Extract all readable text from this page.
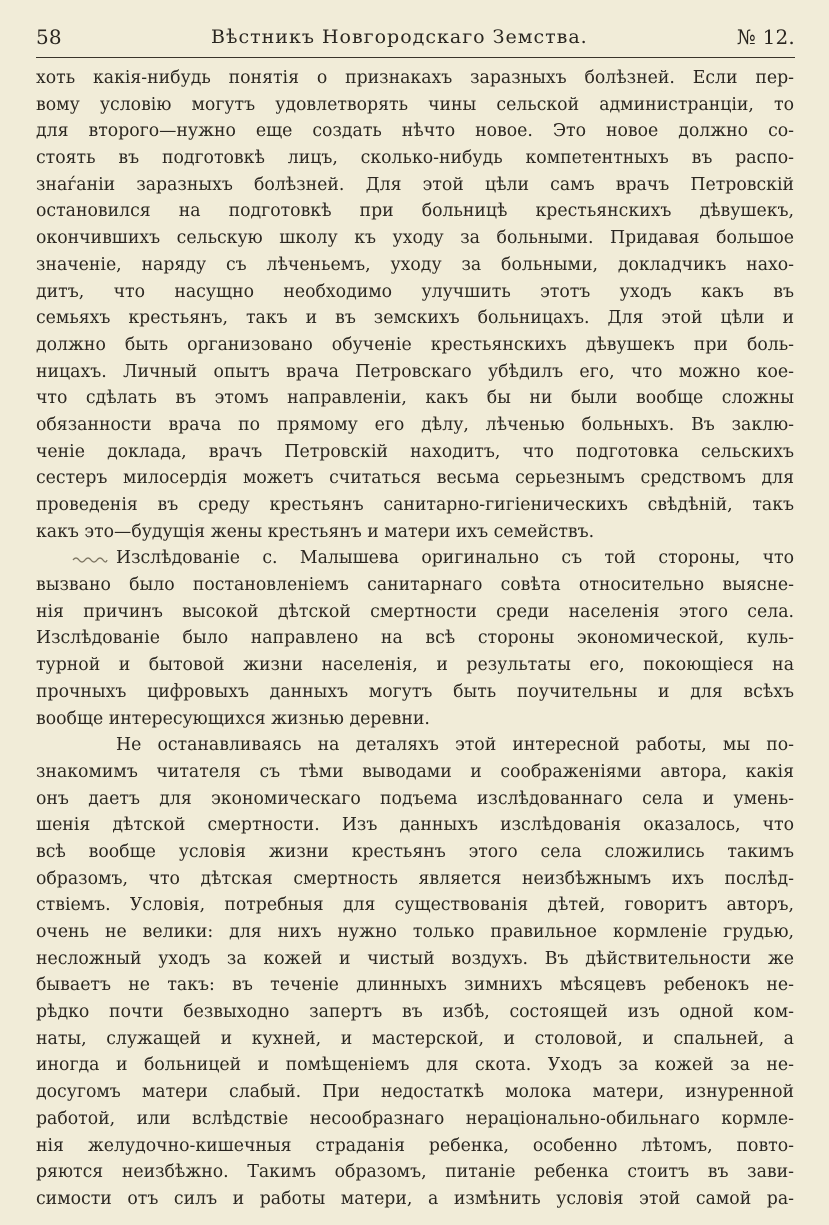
58	Вѣстникъ Новгородскаго Земства.	№ 12.
хоть какія-нибудь понятія о признакахъ заразныхъ болѣзней. Если пер-
вому условію могутъ удовлетворять чины сельской администранціи, то
для второго—нужно еще создать нѣчто новое. Это новое должно со-
стоять въ подготовкѣ лицъ, сколько-нибудь компетентныхъ въ распо-
знаѓаніи заразныхъ болѣзней. Для этой цѣли самъ врачъ Петровскій
остановился на подготовкѣ при больницѣ крестьянскихъ дѣвушекъ,
окончившихъ сельскую школу къ уходу за больными. Придавая большое
значеніе, наряду съ лѣченьемъ, уходу за больными, докладчикъ нахо-
дитъ, что насущно необходимо улучшить этотъ уходъ какъ въ
семьяхъ крестьянъ, такъ и въ земскихъ больницахъ. Для этой цѣли и
должно быть организовано обученіе крестьянскихъ дѣвушекъ при боль-
ницахъ. Личный опытъ врача Петровскаго убѣдилъ его, что можно кое-
что сдѣлать въ этомъ направленіи, какъ бы ни были вообще сложны
обязанности врача по прямому его дѣлу, лѣченью больныхъ. Въ заклю-
ченіе доклада, врачъ Петровскій находитъ, что подготовка сельскихъ
сестеръ милосердія можетъ считаться весьма серьезнымъ средствомъ для
проведенія въ среду крестьянъ санитарно-гигіеническихъ свѣдѣній, такъ
какъ это—будущія жены крестьянъ и матери ихъ семействъ.
Изслѣдованіе с. Малышева оригинально съ той стороны, что
вызвано было постановленіемъ санитарнаго совѣта относительно выясне-
нія причинъ высокой дѣтской смертности среди населенія этого села.
Изслѣдованіе было направлено на всѣ стороны экономической, куль-
турной и бытовой жизни населенія, и результаты его, покоющіеся на
прочныхъ цифровыхъ данныхъ могутъ быть поучительны и для всѣхъ
вообще интересующихся жизнью деревни.
Не останавливаясь на деталяхъ этой интересной работы, мы по-
знакомимъ читателя съ тѣми выводами и соображеніями автора, какія
онъ даетъ для экономическаго подъема изслѣдованнаго села и умень-
шенія дѣтской смертности. Изъ данныхъ изслѣдованія оказалось, что
всѣ вообще условія жизни крестьянъ этого села сложились такимъ
образомъ, что дѣтская смертность является неизбѣжнымъ ихъ послѣд-
ствіемъ. Условія, потребныя для существованія дѣтей, говоритъ авторъ,
очень не велики: для нихъ нужно только правильное кормленіе грудью,
несложный уходъ за кожей и чистый воздухъ. Въ дѣйствительности же
бываетъ не такъ: въ теченіе длинныхъ зимнихъ мѣсяцевъ ребенокъ не-
рѣдко почти безвыходно запертъ въ избѣ, состоящей изъ одной ком-
наты, служащей и кухней, и мастерской, и столовой, и спальней, а
иногда и больницей и помѣщеніемъ для скота. Уходъ за кожей за не-
досугомъ матери слабый. При недостаткѣ молока матери, изнуренной
работой, или вслѣдствіе несообразнаго нераціонально-обильнаго кормле-
нія желудочно-кишечныя страданія ребенка, особенно лѣтомъ, повто-
ряются неизбѣжно. Такимъ образомъ, питаніе ребенка стоитъ въ зави-
симости отъ силъ и работы матери, а измѣнить условія этой самой ра-
